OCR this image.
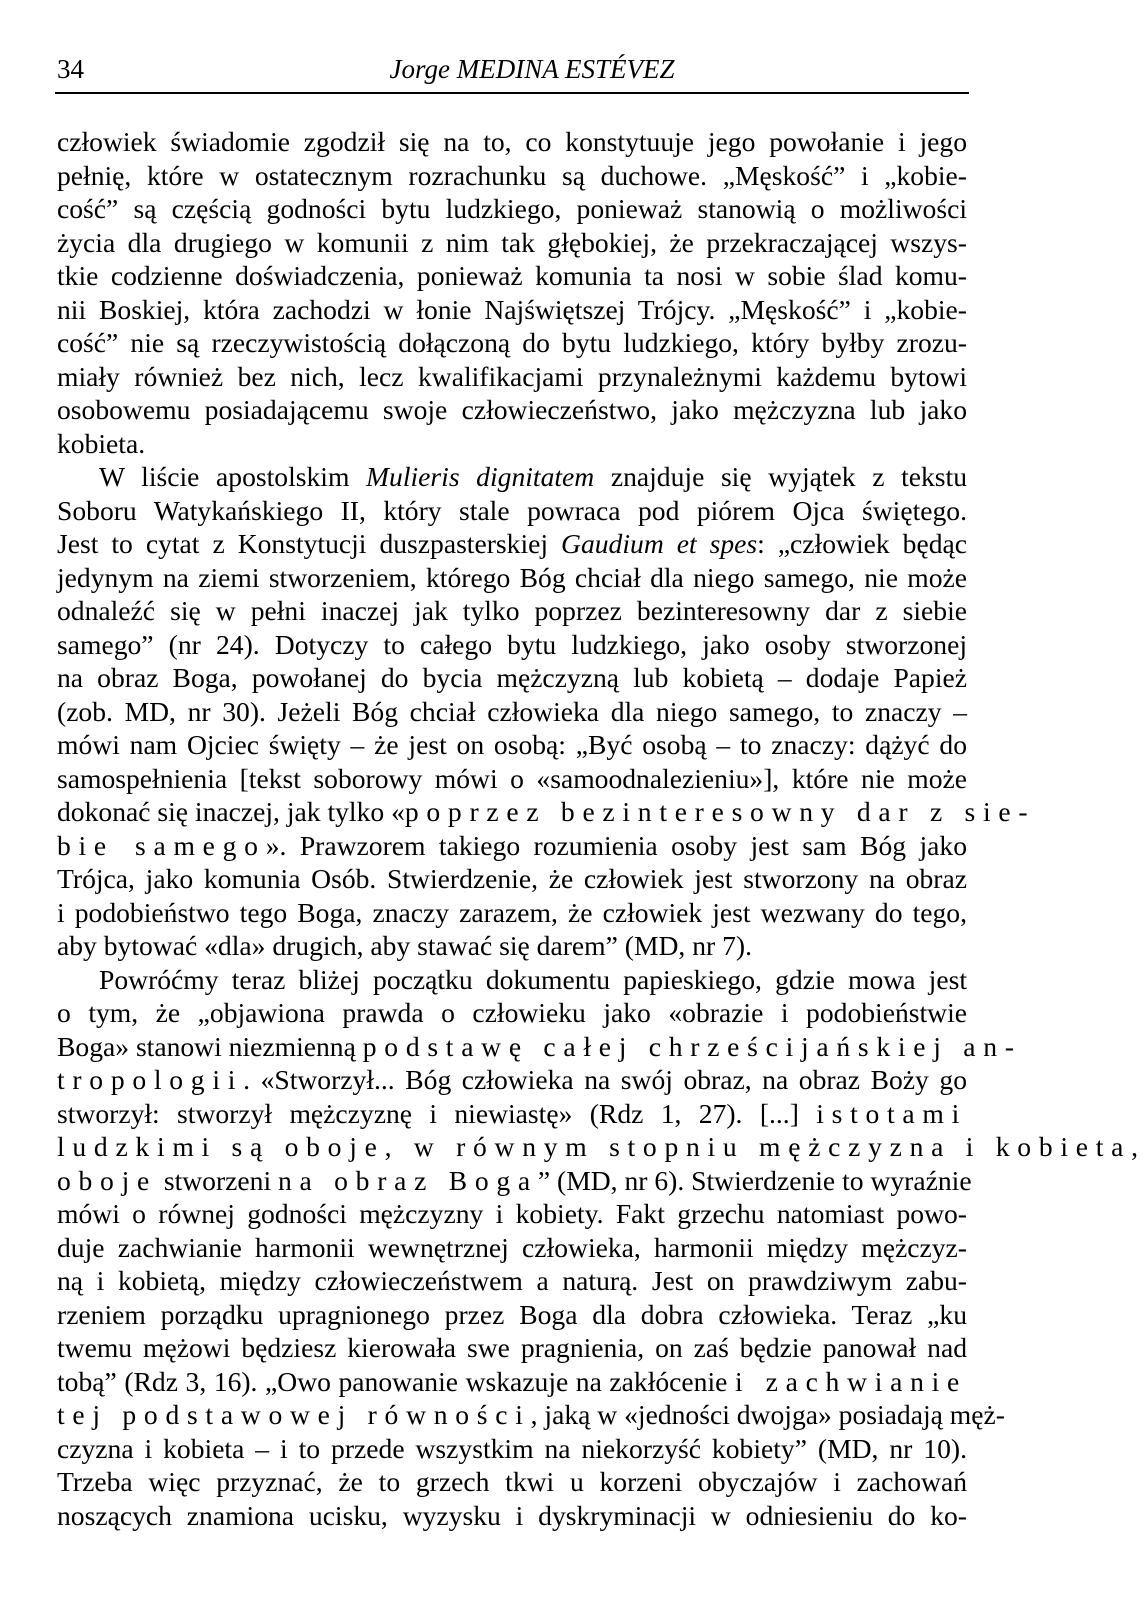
34	Jorge MEDINA ESTÉVEZ
człowiek świadomie zgodził się na to, co konstytuuje jego powołanie i jego
pełnię, które w ostatecznym rozrachunku są duchowe. „Męskość” i „kobie-
cość” są częścią godności bytu ludzkiego, ponieważ stanowią o możliwości
życia dla drugiego w komunii z nim tak głębokiej, że przekraczającej wszys-
tkie codzienne doświadczenia, ponieważ komunia ta nosi w sobie ślad komu-
nii Boskiej, która zachodzi w łonie Najświętszej Trójcy. „Męskość” i „kobie-
cość” nie są rzeczywistością dołączoną do bytu ludzkiego, który byłby zrozu-
miały również bez nich, lecz kwalifikacjami przynależnymi każdemu bytowi
osobowemu posiadającemu swoje człowieczeństwo, jako mężczyzna lub jako
kobieta.
W liście apostolskim Mulieris dignitatem znajduje się wyjątek z tekstu
Soboru Watykańskiego II, który stale powraca pod piórem Ojca świętego.
Jest to cytat z Konstytucji duszpasterskiej Gaudium et spes: „człowiek będąc
jedynym na ziemi stworzeniem, którego Bóg chciał dla niego samego, nie może
odnaleźć się w pełni inaczej jak tylko poprzez bezinteresowny dar z siebie
samego” (nr 24). Dotyczy to całego bytu ludzkiego, jako osoby stworzonej
na obraz Boga, powołanej do bycia mężczyzną lub kobietą – dodaje Papież
(zob. MD, nr 30). Jeżeli Bóg chciał człowieka dla niego samego, to znaczy –
mówi nam Ojciec święty – że jest on osobą: „Być osobą – to znaczy: dążyć do
samospełnienia [tekst soborowy mówi o «samoodnalezieniu»], które nie może
dokonać się inaczej, jak tylko «poprzez bezinteresowny dar z sie-
bie samego». Prawzorem takiego rozumienia osoby jest sam Bóg jako
Trójca, jako komunia Osób. Stwierdzenie, że człowiek jest stworzony na obraz
i podobieństwo tego Boga, znaczy zarazem, że człowiek jest wezwany do tego,
aby bytować «dla» drugich, aby stawać się darem” (MD, nr 7).
Powróćmy teraz bliżej początku dokumentu papieskiego, gdzie mowa jest
o tym, że „objawiona prawda o człowieku jako «obrazie i podobieństwie
Boga» stanowi niezmienną podstawę całej chrześcijańskiej an-
tropologii. «Stworzył... Bóg człowieka na swój obraz, na obraz Boży go
stworzył: stworzył mężczyznę i niewiastę» (Rdz 1, 27). [...] istotami
ludzkimi są oboje, w równym stopniu mężczyzna i kobieta,
oboje stworzeni na obraz Boga” (MD, nr 6). Stwierdzenie to wyraźnie
mówi o równej godności mężczyzny i kobiety. Fakt grzechu natomiast powo-
duje zachwianie harmonii wewnętrznej człowieka, harmonii między mężczyz-
ną i kobietą, między człowieczeństwem a naturą. Jest on prawdziwym zabu-
rzeniem porządku upragnionego przez Boga dla dobra człowieka. Teraz „ku
twemu mężowi będziesz kierowała swe pragnienia, on zaś będzie panował nad
tobą” (Rdz 3, 16). „Owo panowanie wskazuje na zakłócenie i zachwianie
tej podstawowej równości, jaką w «jedności dwojga» posiadają męż-
czyzna i kobieta – i to przede wszystkim na niekorzyść kobiety” (MD, nr 10).
Trzeba więc przyznać, że to grzech tkwi u korzeni obyczajów i zachowań
noszących znamiona ucisku, wyzysku i dyskryminacji w odniesieniu do ko-
